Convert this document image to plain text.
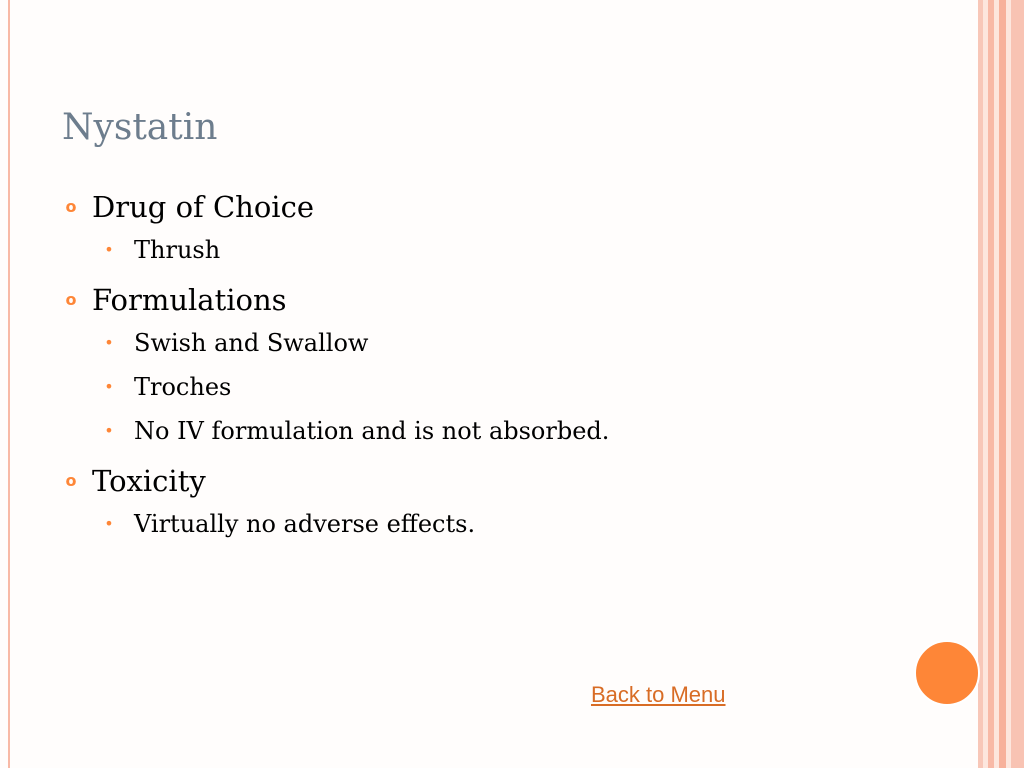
Nystatin
o Drug of Choice
• Thrush
o Formulations
• Swish and Swallow
• Troches
• No IV formulation and is not absorbed.
o Toxicity
• Virtually no adverse effects.
Back to Menu
